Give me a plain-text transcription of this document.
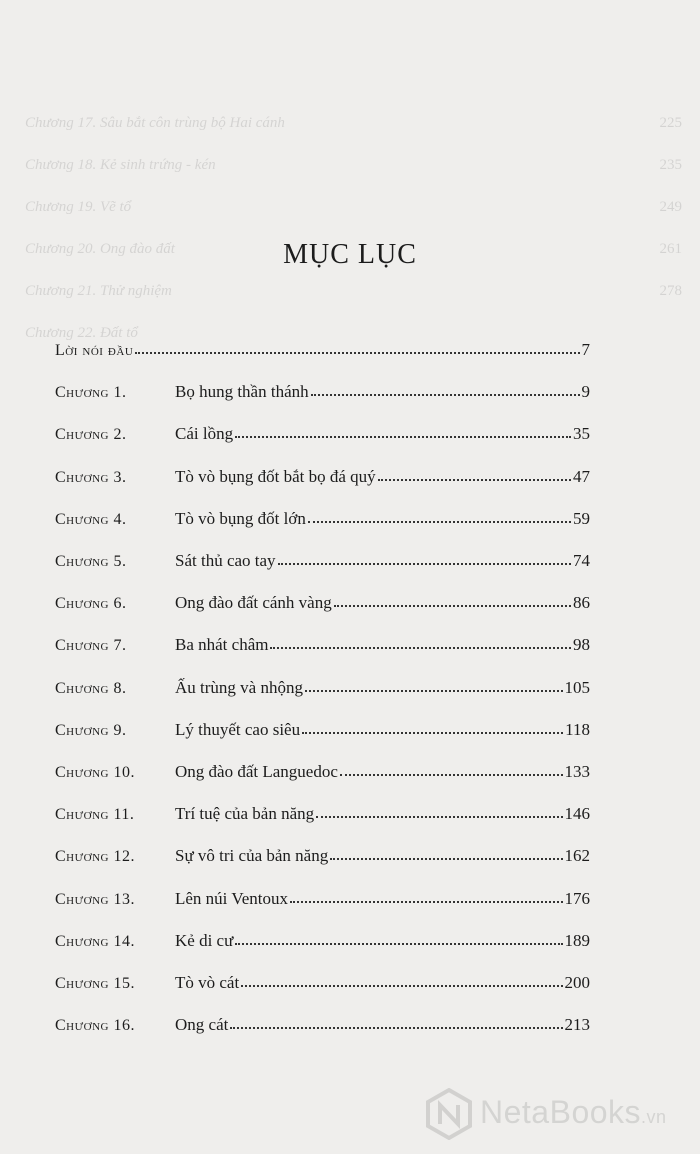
Chương 17. Sâu bắt côn trùng bộ Hai cánh	225
Chương 18. Kẻ sinh trứng - kén	235
Chương 19. Vẽ tổ	249
Chương 20. Ong đào đất	261
Chương 21. Thử nghiệm	278
Chương 22. Đất tổ
MỤC LỤC
Lời nói đầu	7
Chương 1.	Bọ hung thần thánh	9
Chương 2.	Cái lồng	35
Chương 3.	Tò vò bụng đốt bắt bọ đá quý	47
Chương 4.	Tò vò bụng đốt lớn	59
Chương 5.	Sát thủ cao tay	74
Chương 6.	Ong đào đất cánh vàng	86
Chương 7.	Ba nhát châm	98
Chương 8.	Ấu trùng và nhộng	105
Chương 9.	Lý thuyết cao siêu	118
Chương 10.	Ong đào đất Languedoc	133
Chương 11.	Trí tuệ của bản năng	146
Chương 12.	Sự vô tri của bản năng	162
Chương 13.	Lên núi Ventoux	176
Chương 14.	Kẻ di cư	189
Chương 15.	Tò vò cát	200
Chương 16.	Ong cát	213
NetaBooks.vn
